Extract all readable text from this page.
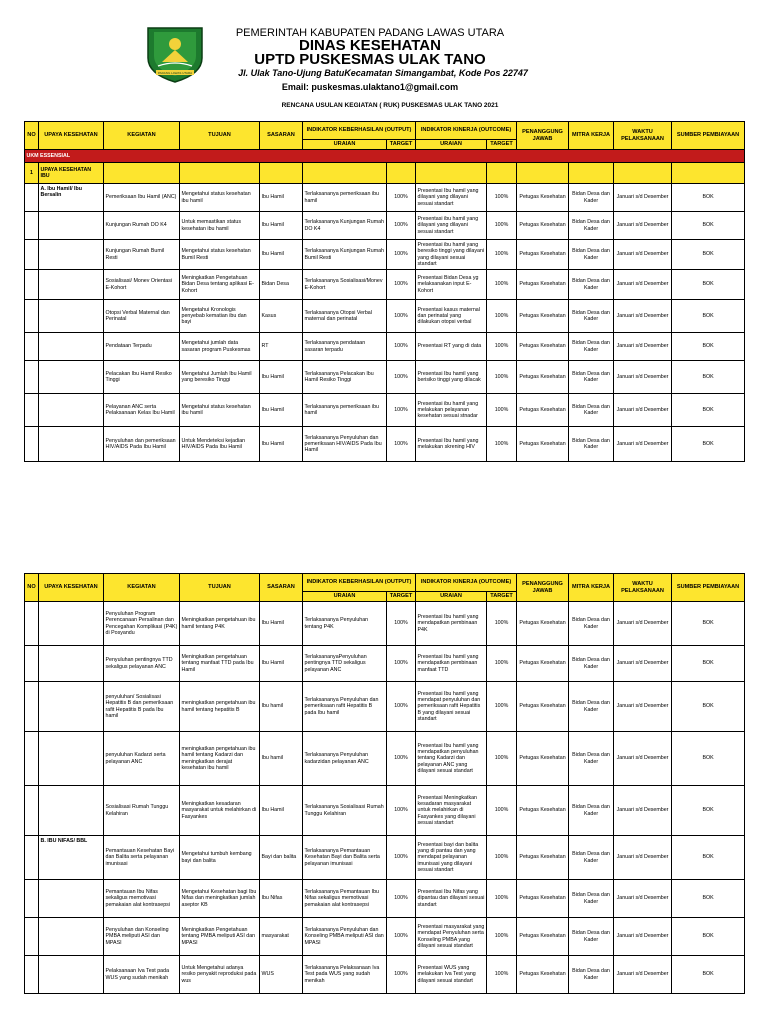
PADANG LAWAS UTARA
PEMERINTAH KABUPATEN PADANG LAWAS UTARA
DINAS KESEHATAN
UPTD PUSKESMAS ULAK TANO
Jl. Ulak Tano-Ujung BatuKecamatan Simangambat, Kode Pos 22747
Email: puskesmas.ulaktano1@gmail.com
RENCANA USULAN KEGIATAN ( RUK) PUSKESMAS ULAK TANO 2021
NO	UPAYA KESEHATAN	KEGIATAN	TUJUAN	SASARAN	INDIKATOR KEBERHASILAN (OUTPUT)		INDIKATOR KINERJA (OUTCOME)		PENANGGUNG JAWAB	MITRA KERJA	WAKTU PELAKSANAAN	SUMBER PEMBIAYAAN
					URAIAN	TARGET	URAIAN	TARGET				
UKM ESSENSIAL												
1	UPAYA KESEHATAN IBU											
	A. Ibu Hamil/ Ibu Bersalin	Pemeriksaan Ibu Hamil (ANC)	Mengetahui status kesehatan ibu hamil	Ibu Hamil	Terlaksananya pemeriksaan ibu hamil	100%	Presentasi Ibu hamil yang dilayani yang dilayani sesuai standart	100%	Petugas Kesehatan	Bidan Desa dan Kader	Januari s/d Desember	BOK
		Kunjungan Rumah DO K4	Untuk memastikan status kesehatan ibu hamil	Ibu Hamil	Terlaksananya Kunjungan Rumah DO K4	100%	Presentasi ibu hamil yang dilayani yang dilayani sesuai standart	100%	Petugas Kesehatan	Bidan Desa dan Kader	Januari s/d Desember	BOK
		Kunjungan Rumah Bumil Resti	Mengetahui status kesehatan Bumil Resti	Ibu Hamil	Terlaksananya Kunjungan Rumah Bumil Resti	100%	Presentasi ibu hamil yang beresiko tinggi yang dilayani yang dilayani sesuai standart	100%	Petugas Kesehatan	Bidan Desa dan Kader	Januari s/d Desember	BOK
		Sosialisasi/ Monev Orientasi E-Kohort	Meningkatkan Pengetahuan Bidan Desa tentang aplikasi E-Kohort	Bidan Desa	Terlaksananya Sosialisasi/Monev E-Kohort	100%	Presentasi Bidan Desa yg melaksanakan input E-Kohort	100%	Petugas Kesehatan	Bidan Desa dan Kader	Januari s/d Desember	BOK
		Otopsi Verbal Maternal dan Perinatal	Mengetahui Kronologis penyebab kematian ibu dan bayi	Kasus	Terlaksananya Otopsi Verbal maternal dan perinatal	100%	Presentasi kasus maternal dan perinatal yang dilakukan otopsi verbal	100%	Petugas Kesehatan	Bidan Desa dan Kader	Januari s/d Desember	BOK
		Pendataan Terpadu	Mengetahui jumlah data sasaran program Puskesmas	RT	Terlaksananya pendataan sasaran terpadu	100%	Presentasi RT yang di data	100%	Petugas Kesehatan	Bidan Desa dan Kader	Januari s/d Desember	BOK
		Pelacakan Ibu Hamil Resiko Tinggi	Mengetahui Jumlah Ibu Hamil yang beresiko Tinggi	Ibu Hamil	Terlaksananya Pelacakan Ibu Hamil Resiko Tinggi	100%	Presentasi Ibu hamil yang berisiko tinggi yang dilacak	100%	Petugas Kesehatan	Bidan Desa dan Kader	Januari s/d Desember	BOK
		Pelayanan ANC serta Pelaksanaan Kelas Ibu Hamil	Mengetahui status kesehatan ibu hamil	Ibu Hamil	Terlaksananya pemeriksaan ibu hamil	100%	Presentasi ibu hamil yang melakukan pelayanan kesehatan sesuai stnadar	100%	Petugas Kesehatan	Bidan Desa dan Kader	Januari s/d Desember	BOK
		Penyuluhan dan pemeriksaan HIV/AIDS Pada Ibu Hamil	Untuk Mendeteksi kejadian HIV/AIDS Pada Ibu Hamil	Ibu Hamil	Terlaksananya Penyuluhan dan pemeriksaan HIV/AIDS Pada Ibu Hamil	100%	Presentasi Ibu hamil yang melakukan skrening HIV	100%	Petugas Kesehatan	Bidan Desa dan Kader	Januari s/d Desember	BOK
NO	UPAYA KESEHATAN	KEGIATAN	TUJUAN	SASARAN	INDIKATOR KEBERHASILAN (OUTPUT)		INDIKATOR KINERJA (OUTCOME)		PENANGGUNG JAWAB	MITRA KERJA	WAKTU PELAKSANAAN	SUMBER PEMBIAYAAN
					URAIAN	TARGET	URAIAN	TARGET				
		Penyuluhan Program Perencanaan Persalinan dan Pencegahan Komplikasi (P4K) di Posyandu	Meningkatkan pengetahuan ibu hamil tentang P4K	Ibu Hamil	Terlaksananya Penyuluhan tentang P4K	100%	Presentasi Ibu hamil yang mendapatkan pembinaan P4K	100%	Petugas Kesehatan	Bidan Desa dan Kader	Januari s/d Desember	BOK
		Penyuluhan pentingnya TTD sekaligus pelayanan ANC	Meningkatkan pengetahuan tentang manfaat TTD pada Ibu Hamil	Ibu Hamil	TerlaksananyaPenyuluhan pentingnya TTD sekaligus pelayanan ANC	100%	Presentasi Ibu hamil yang mendapatkan pembinaan manfaat TTD	100%	Petugas Kesehatan	Bidan Desa dan Kader	Januari s/d Desember	BOK
		penyuluhan/ Sosialisasi Hepatitis B dan pemeriksaan rafit Hepatitis B pada Ibu hamil	meningkatkan pengetahuan ibu hamil tentang hepatitis B	Ibu hamil	Terlaksananya Penyuluhan dan pemeriksaan rafit Hepatitis B pada Ibu hamil	100%	Presentasi Ibu hamil yang mendapat penyuluhan dan pemeriksaan rafit Hepatitis B yang dilayani sesuai standart	100%	Petugas Kesehatan	Bidan Desa dan Kader	Januari s/d Desember	BOK
		penyuluhan Kadarzi serta pelayanan ANC	meningkatkan pengetahuan ibu hamil tentang Kadarzi dan meningkatkan derajat kesehatan ibu hamil	Ibu hamil	Terlaksananya Penyuluhan kadarzidan pelayanan ANC	100%	Presentasi Ibu hamil yang mendapatkan penyuluhan tentang Kadarzi dan pelayanan ANC yang dilayani sesuai standart	100%	Petugas Kesehatan	Bidan Desa dan Kader	Januari s/d Desember	BOK
		Sosialisasi Rumah Tunggu Kelahiran	Meningkatkan kesadaran masyarakat untuk melahirkan di Fasyankes	Ibu Hamil	Terlaksananya Sosialisasi Rumah Tunggu Kelahiran	100%	Presentasi Meningkatkan kesadaran masyarakat untuk melahirkan di Fasyankes yang dilayani sesuai standart	100%	Petugas Kesehatan	Bidan Desa dan Kader	Januari s/d Desember	BOK
	B. IBU NIFAS/ BBL	Pemantauan Kesehatan Bayi dan Balita serta pelayanan imunisasi	Mengetahui tumbuh kembang bayi dan balita	Bayi dan balita	Terlaksananya Pemantauan Kesehatan Bayi dan Balita serta pelayanan imunisasi	100%	Presentasi bayi dan balita yang di pantau dan yang mendapat pelayanan imunisasi yang dilayani sesuai standart	100%	Petugas Kesehatan	Bidan Desa dan Kader	Januari s/d Desember	BOK
		Pemantauan Ibu Nifas sekaligus memotivasi pemakaian alat kontrasepsi	Mengetahui Kesehatan bagi Ibu Nifas dan meningkatkan jumlah aseptor KB	Ibu Nifas	Terlaksananya Pemantauan Ibu Nifas sekaligus memotivasi pemakaian alat kontrasepsi	100%	Presentasi Ibu Nifas yang dipantau dan dilayani sesuai standart	100%	Petugas Kesehatan	Bidan Desa dan Kader	Januari s/d Desember	BOK
		Penyuluhan dan Konseling PMBA meliputi ASI dan MPASI	Meningkatkan Pengetahuan tentang PMBA meliputi ASI dan MPASI	masyarakat	Terlaksananya Penyuluhan dan Konseling PMBA meliputi ASI dan MPASI	100%	Presentasi masyarakat yang mendapat Penyuluhan serta Konseling PMBA yang dilayani sesuai standart	100%	Petugas Kesehatan	Bidan Desa dan Kader	Januari s/d Desember	BOK
		Pelaksanaan Iva Test pada WUS yang sudah menikah	Untuk Mengetahui adanya resiko penyakit reproduksi pada wus	WUS	Terlaksananya Pelaksanaan Iva Test pada WUS yang sudah menikah	100%	Presentasi WUS yang melakukan Iva Test yang dilayani sesuai standart	100%	Petugas Kesehatan	Bidan Desa dan Kader	Januari s/d Desember	BOK
